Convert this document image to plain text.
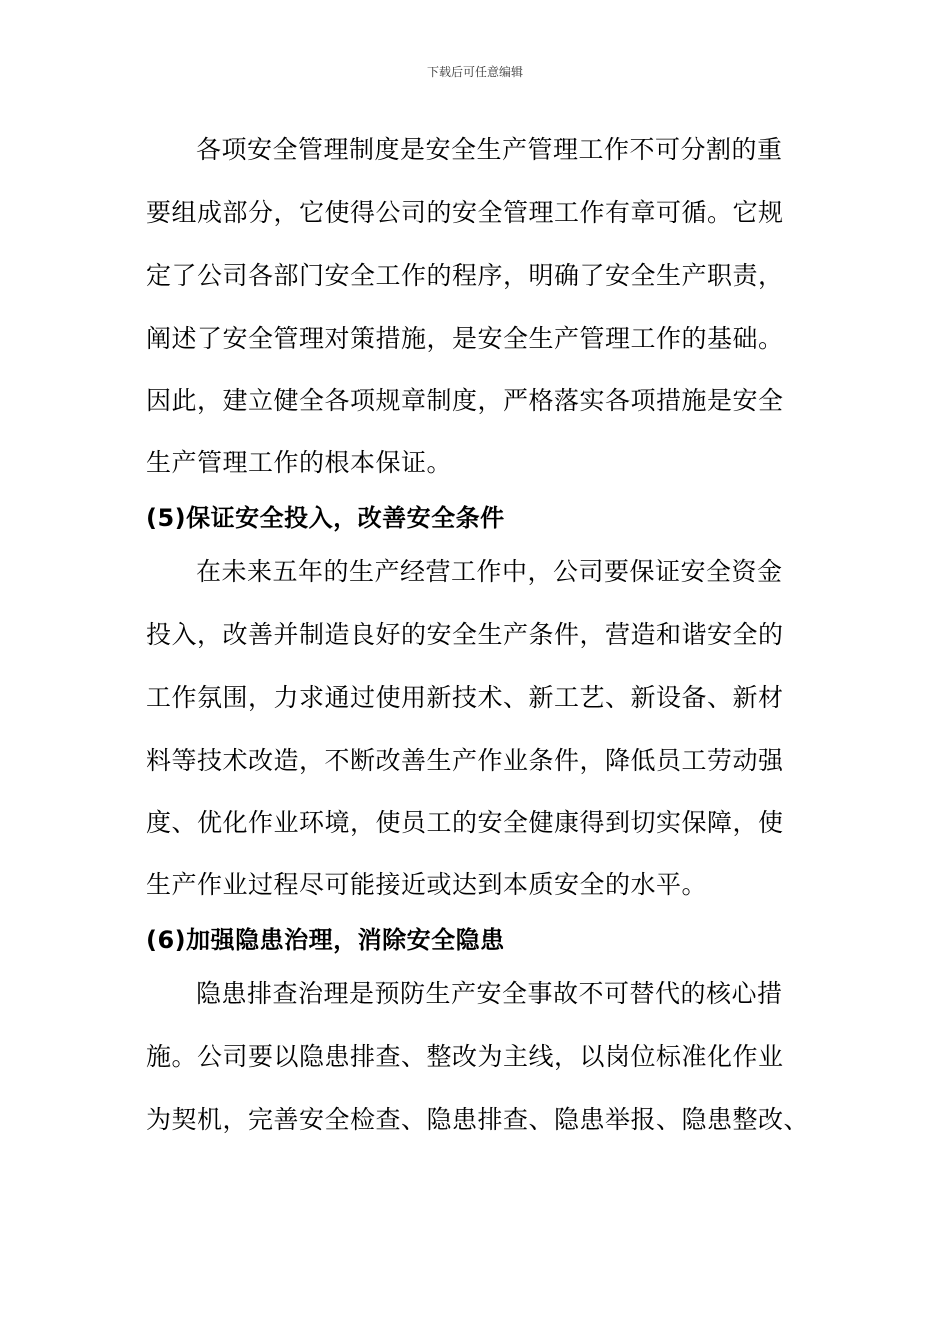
下载后可任意编辑
各项安全管理制度是安全生产管理工作不可分割的重
要组成部分，它使得公司的安全管理工作有章可循。它规
定了公司各部门安全工作的程序，明确了安全生产职责，
阐述了安全管理对策措施，是安全生产管理工作的基础。
因此，建立健全各项规章制度，严格落实各项措施是安全
生产管理工作的根本保证。
(5)保证安全投入，改善安全条件
在未来五年的生产经营工作中，公司要保证安全资金
投入，改善并制造良好的安全生产条件，营造和谐安全的
工作氛围，力求通过使用新技术、新工艺、新设备、新材
料等技术改造，不断改善生产作业条件，降低员工劳动强
度、优化作业环境，使员工的安全健康得到切实保障，使
生产作业过程尽可能接近或达到本质安全的水平。
(6)加强隐患治理，消除安全隐患
隐患排查治理是预防生产安全事故不可替代的核心措
施。公司要以隐患排查、整改为主线，以岗位标准化作业
为契机，完善安全检查、隐患排查、隐患举报、隐患整改、
